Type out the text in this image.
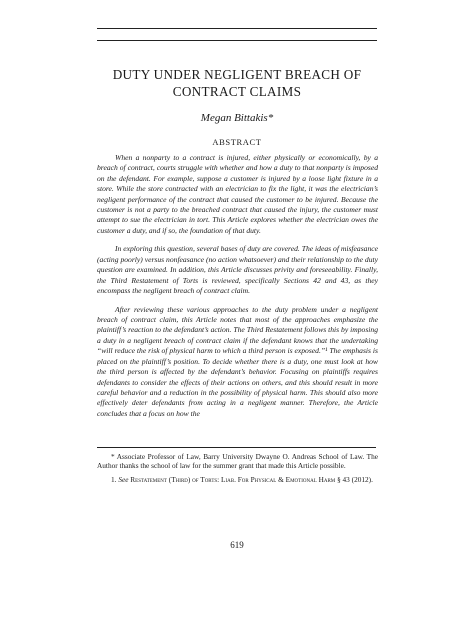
DUTY UNDER NEGLIGENT BREACH OF CONTRACT CLAIMS
Megan Bittakis*
ABSTRACT

When a nonparty to a contract is injured, either physically or economically, by a breach of contract, courts struggle with whether and how a duty to that nonparty is imposed on the defendant. For example, suppose a customer is injured by a loose light fixture in a store. While the store contracted with an electrician to fix the light, it was the electrician’s negligent performance of the contract that caused the customer to be injured. Because the customer is not a party to the breached contract that caused the injury, the customer must attempt to sue the electrician in tort. This Article explores whether the electrician owes the customer a duty, and if so, the foundation of that duty.

In exploring this question, several bases of duty are covered. The ideas of misfeasance (acting poorly) versus nonfeasance (no action whatsoever) and their relationship to the duty question are examined. In addition, this Article discusses privity and foreseeability. Finally, the Third Restatement of Torts is reviewed, specifically Sections 42 and 43, as they encompass the negligent breach of contract claim.

After reviewing these various approaches to the duty problem under a negligent breach of contract claim, this Article notes that most of the approaches emphasize the plaintiff’s reaction to the defendant’s action. The Third Restatement follows this by imposing a duty in a negligent breach of contract claim if the defendant knows that the undertaking “will reduce the risk of physical harm to which a third person is exposed.”¹ The emphasis is placed on the plaintiff’s position. To decide whether there is a duty, one must look at how the third person is affected by the defendant’s behavior. Focusing on plaintiffs requires defendants to consider the effects of their actions on others, and this should result in more careful behavior and a reduction in the possibility of physical harm. This should also more effectively deter defendants from acting in a negligent manner. Therefore, the Article concludes that a focus on how the

* Associate Professor of Law, Barry University Dwayne O. Andreas School of Law. The Author thanks the school of law for the summer grant that made this Article possible.

1. See Restatement (Third) of Torts: Liab. For Physical & Emotional Harm § 43 (2012).

619
